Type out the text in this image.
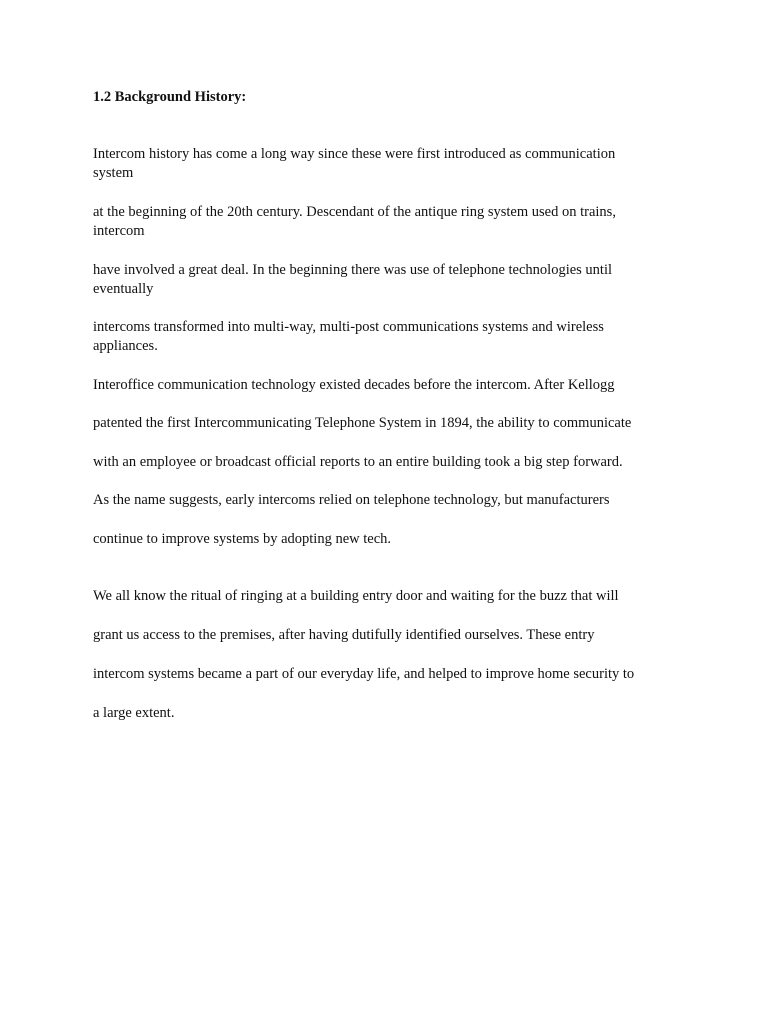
1.2 Background History:
Intercom history has come a long way since these were first introduced as communication
system
at the beginning of the 20th century. Descendant of the antique ring system used on trains,
intercom
have involved a great deal. In the beginning there was use of telephone technologies until
eventually
intercoms transformed into multi-way, multi-post communications systems and wireless
appliances.
Interoffice communication technology existed decades before the intercom. After Kellogg
patented the first Intercommunicating Telephone System in 1894, the ability to communicate
with an employee or broadcast official reports to an entire building took a big step forward.
As the name suggests, early intercoms relied on telephone technology, but manufacturers
continue to improve systems by adopting new tech.
We all know the ritual of ringing at a building entry door and waiting for the buzz that will
grant us access to the premises, after having dutifully identified ourselves. These entry
intercom systems became a part of our everyday life, and helped to improve home security to
a large extent.
